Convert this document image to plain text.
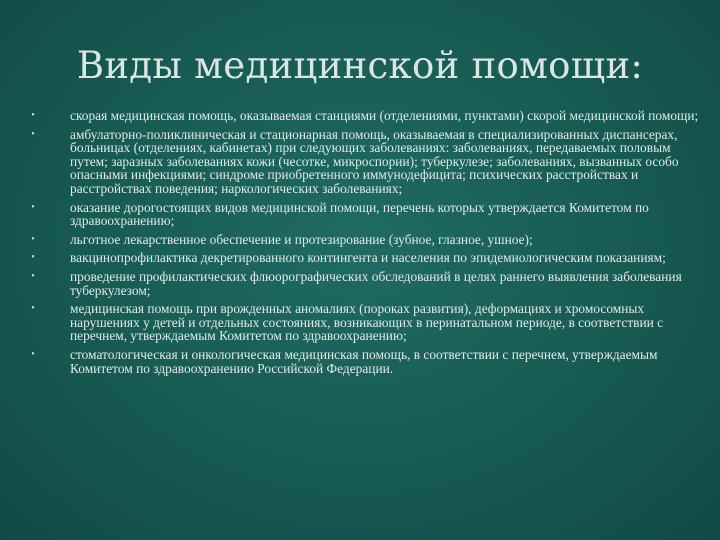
Виды медицинской помощи:
•	скорая медицинская помощь, оказываемая станциями (отделениями, пунктами) скорой медицинской помощи;
•	амбулаторно-поликлиническая и стационарная помощь, оказываемая в специализированных диспансерах, больницах (отделениях, кабинетах) при следующих заболеваниях: заболеваниях, передаваемых половым путем; заразных заболеваниях кожи (чесотке, микроспории); туберкулезе; заболеваниях, вызванных особо опасными инфекциями; синдроме приобретенного иммунодефицита; психических расстройствах и расстройствах поведения; наркологических заболеваниях;
•	оказание дорогостоящих видов медицинской помощи, перечень которых утверждается Комитетом по здравоохранению;
•	льготное лекарственное обеспечение и протезирование (зубное, глазное, ушное);
•	вакцинопрофилактика декретированного контингента и населения по эпидемиологическим показаниям;
•	проведение профилактических флюорографических обследований в целях раннего выявления заболевания туберкулезом;
•	медицинская помощь при врожденных аномалиях (пороках развития), деформациях и хромосомных нарушениях у детей и отдельных состояниях, возникающих в перинатальном периоде, в соответствии с перечнем, утверждаемым Комитетом по здравоохранению;
•	стоматологическая и онкологическая медицинская помощь, в соответствии с перечнем, утверждаемым Комитетом по здравоохранению Российской Федерации.
